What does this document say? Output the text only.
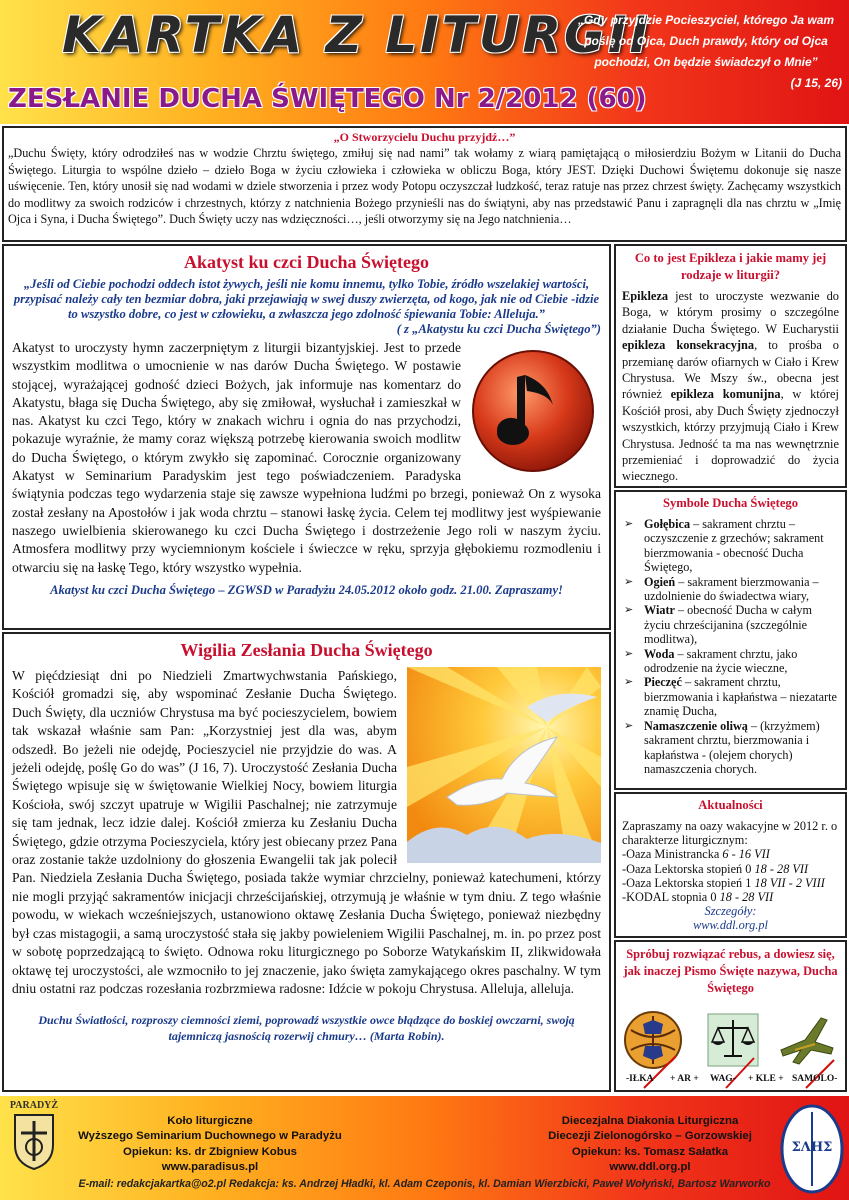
KARTKA Z LITURGII
ZESŁANIE DUCHA ŚWIĘTEGO Nr 2/2012 (60)
„Gdy przyjdzie Pocieszyciel, którego Ja wam poślę od Ojca, Duch prawdy, który od Ojca pochodzi, On będzie świadczył o Mnie”
(J 15, 26)
„O Stworzycielu Duchu przyjdź…”

„Duchu Święty, który odrodziłeś nas w wodzie Chrztu świętego, zmiłuj się nad nami” tak wołamy z wiarą pamiętającą o miłosierdziu Bożym w Litanii do Ducha Świętego. Liturgia to wspólne dzieło – dzieło Boga w życiu człowieka i człowieka w obliczu Boga, który JEST. Dzięki Duchowi Świętemu dokonuje się nasze uświęcenie. Ten, który unosił się nad wodami w dziele stworzenia i przez wody Potopu oczyszczał ludzkość, teraz ratuje nas przez chrzest święty. Zachęcamy wszystkich do modlitwy za swoich rodziców i chrzestnych, którzy z natchnienia Bożego przynieśli nas do świątyni, aby nas przedstawić Panu i zapragnęli dla nas chrztu w „Imię Ojca i Syna, i Ducha Świętego”. Duch Święty uczy nas wdzięczności…, jeśli otworzymy się na Jego natchnienia…

Akatyst ku czci Ducha Świętego

„Jeśli od Ciebie pochodzi oddech istot żywych, jeśli nie komu innemu, tylko Tobie, źródło wszelakiej wartości, przypisać należy cały ten bezmiar dobra, jaki przejawiają w swej duszy zwierzęta, od kogo, jak nie od Ciebie -idzie to wszystko dobre, co jest w człowieku, a zwłaszcza jego zdolność śpiewania Tobie: Alleluja.”

( z „Akatystu ku czci Ducha Świętego”)

Akatyst to uroczysty hymn zaczerpniętym z liturgii bizantyjskiej. Jest to przede wszystkim modlitwa o umocnienie w nas darów Ducha Świętego. W postawie stojącej, wyrażającej godność dzieci Bożych, jak informuje nas komentarz do Akatystu, błaga się Ducha Świętego, aby się zmiłował, wysłuchał i zamieszkał w nas. Akatyst ku czci Tego, który w znakach wichru i ognia do nas przychodzi, pokazuje wyraźnie, że mamy coraz większą potrzebę kierowania swoich modlitw do Ducha Świętego, o którym zwykło się zapominać. Corocznie organizowany Akatyst w Seminarium Paradyskim jest tego poświadczeniem. Paradyska świątynia podczas tego wydarzenia staje się zawsze wypełniona ludźmi po brzegi, ponieważ On z wysoka został zesłany na Apostołów i jak woda chrztu – stanowi łaskę życia. Celem tej modlitwy jest wyśpiewanie naszego uwielbienia skierowanego ku czci Ducha Świętego i dostrzeżenie Jego roli w naszym życiu. Atmosfera modlitwy przy wyciemnionym kościele i świeczce w ręku, sprzyja głębokiemu rozmodleniu i otwarciu się na łaskę Tego, który wszystko wypełnia.

Akatyst ku czci Ducha Świętego – ZGWSD w Paradyżu 24.05.2012 około godz. 21.00. Zapraszamy!

Wigilia Zesłania Ducha Świętego
W pięćdziesiąt dni po Niedzieli Zmartwychwstania Pańskiego, Kościół gromadzi się, aby wspominać Zesłanie Ducha Świętego. Duch Święty, dla uczniów Chrystusa ma być pocieszycielem, bowiem tak wskazał właśnie sam Pan: „Korzystniej jest dla was, abym odszedł. Bo jeżeli nie odejdę, Pocieszyciel nie przyjdzie do was. A jeżeli odejdę, poślę Go do was” (J 16, 7). Uroczystość Zesłania Ducha Świętego wpisuje się w świętowanie Wielkiej Nocy, bowiem liturgia Kościoła, swój szczyt upatruje w Wigilii Paschalnej; nie zatrzymuje się tam jednak, lecz idzie dalej. Kościół zmierza ku Zesłaniu Ducha Świętego, gdzie otrzyma Pocieszyciela, który jest obiecany przez Pana oraz zostanie także uzdolniony do głoszenia Ewangelii tak jak polecił Pan. Niedziela Zesłania Ducha Świętego, posiada także wymiar chrzcielny, ponieważ katechumeni, którzy nie mogli przyjąć sakramentów inicjacji chrześcijańskiej, otrzymują je właśnie w tym dniu. Z tego właśnie powodu, w wiekach wcześniejszych, ustanowiono oktawę Zesłania Ducha Świętego, ponieważ niezbędny był czas mistagogii, a samą uroczystość stała się jakby powieleniem Wigilii Paschalnej, m. in. po przez post w sobotę poprzedzającą to święto. Odnowa roku liturgicznego po Soborze Watykańskim II, zlikwidowała oktawę tej uroczystości, ale wzmocniło to jej znaczenie, jako święta zamykającego okres paschalny. W tym dniu ostatni raz podczas rozesłania rozbrzmiewa radosne: Idźcie w pokoju Chrystusa. Alleluja, alleluja.

Duchu Światłości, rozproszy ciemności ziemi, poprowadź wszystkie owce błądzące do boskiej owczarni, swoją tajemniczą jasnością rozerwij chmury… (Marta Robin).

Co to jest Epikleza i jakie mamy jej rodzaje w liturgii?

Epikleza jest to uroczyste wezwanie do Boga, w którym prosimy o szczególne działanie Ducha Świętego. W Eucharystii epikleza konsekracyjna, to prośba o przemianę darów ofiarnych w Ciało i Krew Chrystusa. We Mszy św., obecna jest również epikleza komunijna, w której Kościół prosi, aby Duch Święty zjednoczył wszystkich, którzy przyjmują Ciało i Krew Chrystusa. Jedność ta ma nas wewnętrznie przemieniać i doprowadzić do życia wiecznego.

Symbole Ducha Świętego
➢ Gołębica – sakrament chrztu – oczyszczenie z grzechów; sakrament bierzmowania - obecność Ducha Świętego,
➢ Ogień – sakrament bierzmowania – uzdolnienie do świadectwa wiary,
➢ Wiatr – obecność Ducha w całym życiu chrześcijanina (szczególnie modlitwa),
➢ Woda – sakrament chrztu, jako odrodzenie na życie wieczne,
➢ Pieczęć – sakrament chrztu, bierzmowania i kapłaństwa – niezatarte znamię Ducha,
➢ Namaszczenie oliwą – (krzyżmem) sakrament chrztu, bierzmowania i kapłaństwa - (olejem chorych) namaszczenia chorych.
Aktualności
Zapraszamy na oazy wakacyjne w 2012 r. o charakterze liturgicznym:
-Oaza Ministrancka 6 - 16 VII
-Oaza Lektorska stopień 0 18 - 28 VII
-Oaza Lektorska stopień 1 18 VII - 2 VIII
-KODAL stopnia 0 18 - 28 VII
Szczegóły:
www.ddl.org.pl
Spróbuj rozwiązać rebus, a dowiesz się, jak inaczej Pismo Święte nazywa, Ducha Świętego
-IŁKA + AR + WAG- + KLE + SAMOLO-
PARADYŻ
Koło liturgiczne
Wyższego Seminarium Duchownego w Paradyżu
Opiekun: ks. dr Zbigniew Kobus
www.paradisus.pl
Diecezjalna Diakonia Liturgiczna
Diecezji Zielonogórsko – Gorzowskiej
Opiekun: ks. Tomasz Sałatka
www.ddl.org.pl
ΣΛΗΣ
E-mail: redakcjakartka@o2.pl Redakcja: ks. Andrzej Hładki, kl. Adam Czeponis, kl. Damian Wierzbicki, Paweł Wołyński, Bartosz Warworko
